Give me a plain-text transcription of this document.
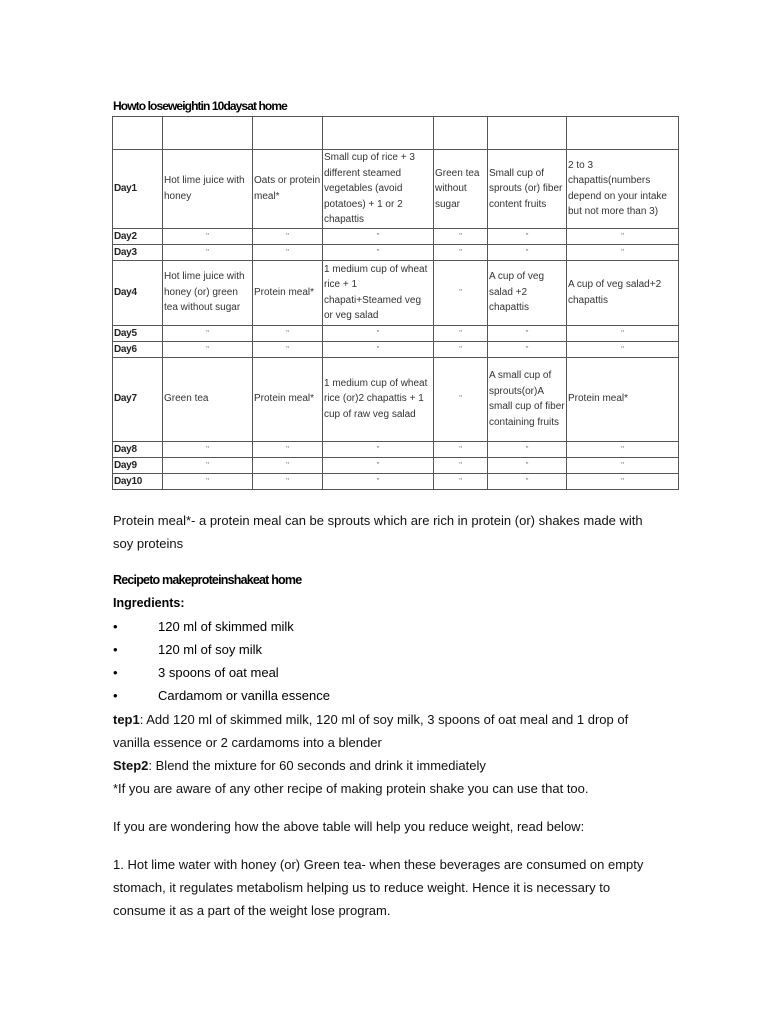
Howto loseweightin 10daysat home

Day1	Hot lime juice with honey	Oats or protein meal*	Small cup of rice + 3 different steamed vegetables (avoid potatoes) + 1 or 2 chapattis	Green tea without sugar	Small cup of sprouts (or) fiber content fruits	2 to 3 chapattis(numbers depend on your intake but not more than 3)
Day2	"	"	"	"	"	"
Day3	"	"	"	"	"	"
Day4	Hot lime juice with honey (or) green tea without sugar	Protein meal*	1 medium cup of wheat rice + 1 chapati+Steamed veg or veg salad	"	A cup of veg salad +2 chapattis	A cup of veg salad+2 chapattis
Day5	"	"	"	"	"	"
Day6	"	"	"	"	"	"
Day7	Green tea	Protein meal*	1 medium cup of wheat rice (or)2 chapattis + 1 cup of raw veg salad	"	A small cup of sprouts(or)A small cup of fiber containing fruits	Protein meal*
Day8	"	"	"	"	"	"
Day9	"	"	"	"	"	"
Day10	"	"	"	"	"	"
Protein meal*- a protein meal can be sprouts which are rich in protein (or) shakes made with
soy proteins
Recipeto makeproteinshakeat home
Ingredients:
•	120 ml of skimmed milk
•	120 ml of soy milk
•	3 spoons of oat meal
•	Cardamom or vanilla essence
tep1: Add 120 ml of skimmed milk, 120 ml of soy milk, 3 spoons of oat meal and 1 drop of
vanilla essence or 2 cardamoms into a blender
Step2: Blend the mixture for 60 seconds and drink it immediately
*If you are aware of any other recipe of making protein shake you can use that too.
If you are wondering how the above table will help you reduce weight, read below:
1. Hot lime water with honey (or) Green tea- when these beverages are consumed on empty
stomach, it regulates metabolism helping us to reduce weight. Hence it is necessary to
consume it as a part of the weight lose program.
